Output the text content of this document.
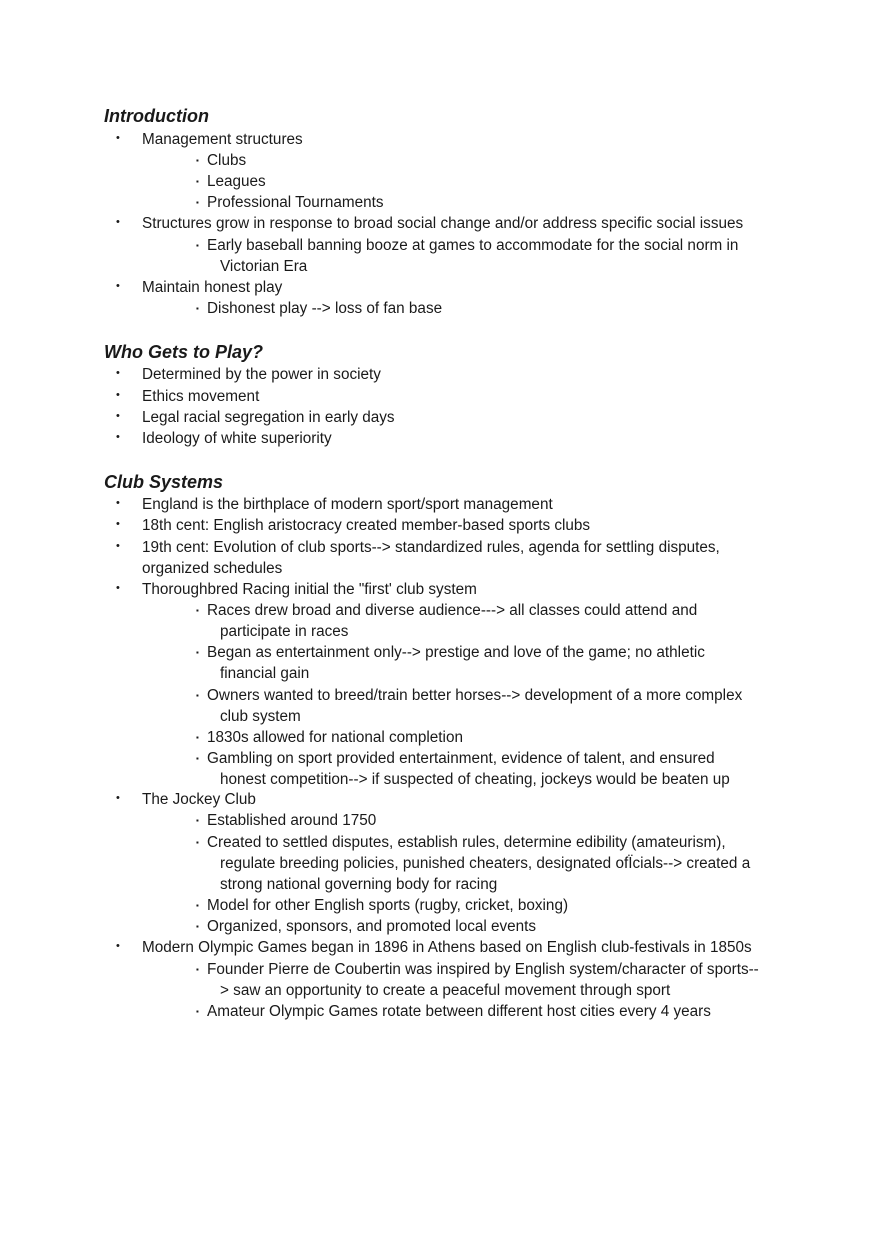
Introduction
• Management structures
▪ Clubs
▪ Leagues
▪ Professional Tournaments
• Structures grow in response to broad social change and/or address specific social issues
▪ Early baseball banning booze at games to accommodate for the social norm in
Victorian Era
• Maintain honest play
▪ Dishonest play --> loss of fan base
Who Gets to Play?
• Determined by the power in society
• Ethics movement
• Legal racial segregation in early days
• Ideology of white superiority
Club Systems
• England is the birthplace of modern sport/sport management
• 18th cent: English aristocracy created member-based sports clubs
• 19th cent: Evolution of club sports--> standardized rules, agenda for settling disputes,
organized schedules
• Thoroughbred Racing initial the "first' club system
▪ Races drew broad and diverse audience---> all classes could attend and
participate in races
▪ Began as entertainment only--> prestige and love of the game; no athletic
financial gain
▪ Owners wanted to breed/train better horses--> development of a more complex
club system
▪ 1830s allowed for national completion
▪ Gambling on sport provided entertainment, evidence of talent, and ensured
honest competition--> if suspected of cheating, jockeys would be beaten up
• The Jockey Club
▪ Established around 1750
▪ Created to settled disputes, establish rules, determine edibility (amateurism),
regulate breeding policies, punished cheaters, designated ofÏcials--> created a
strong national governing body for racing
▪ Model for other English sports (rugby, cricket, boxing)
▪ Organized, sponsors, and promoted local events
• Modern Olympic Games began in 1896 in Athens based on English club-festivals in 1850s
▪ Founder Pierre de Coubertin was inspired by English system/character of sports--
> saw an opportunity to create a peaceful movement through sport
▪ Amateur Olympic Games rotate between different host cities every 4 years
